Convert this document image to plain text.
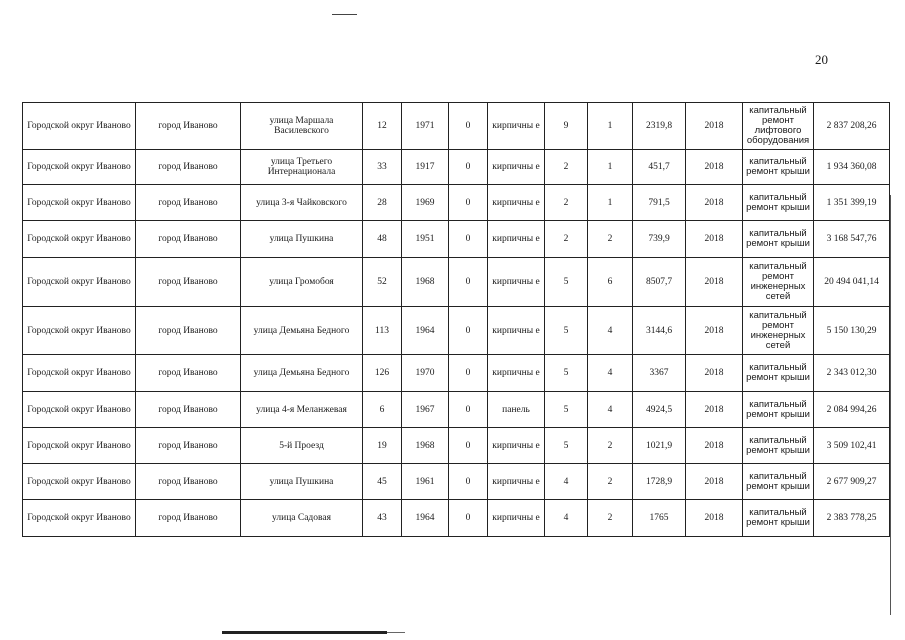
20
Городской округ Иваново	город Иваново	улица Маршала Василевского	12	1971	0	кирпичны е	9	1	2319,8	2018	капитальный ремонт лифтового оборудования	2 837 208,26
Городской округ Иваново	город Иваново	улица Третьего Интернационала	33	1917	0	кирпичны е	2	1	451,7	2018	капитальный ремонт крыши	1 934 360,08
Городской округ Иваново	город Иваново	улица 3-я Чайковского	28	1969	0	кирпичны е	2	1	791,5	2018	капитальный ремонт крыши	1 351 399,19
Городской округ Иваново	город Иваново	улица Пушкина	48	1951	0	кирпичны е	2	2	739,9	2018	капитальный ремонт крыши	3 168 547,76
Городской округ Иваново	город Иваново	улица Громобоя	52	1968	0	кирпичны е	5	6	8507,7	2018	капитальный ремонт инженерных сетей	20 494 041,14
Городской округ Иваново	город Иваново	улица Демьяна Бедного	113	1964	0	кирпичны е	5	4	3144,6	2018	капитальный ремонт инженерных сетей	5 150 130,29
Городской округ Иваново	город Иваново	улица Демьяна Бедного	126	1970	0	кирпичны е	5	4	3367	2018	капитальный ремонт крыши	2 343 012,30
Городской округ Иваново	город Иваново	улица 4-я Меланжевая	6	1967	0	панель	5	4	4924,5	2018	капитальный ремонт крыши	2 084 994,26
Городской округ Иваново	город Иваново	5-й Проезд	19	1968	0	кирпичны е	5	2	1021,9	2018	капитальный ремонт крыши	3 509 102,41
Городской округ Иваново	город Иваново	улица Пушкина	45	1961	0	кирпичны е	4	2	1728,9	2018	капитальный ремонт крыши	2 677 909,27
Городской округ Иваново	город Иваново	улица Садовая	43	1964	0	кирпичны е	4	2	1765	2018	капитальный ремонт крыши	2 383 778,25
